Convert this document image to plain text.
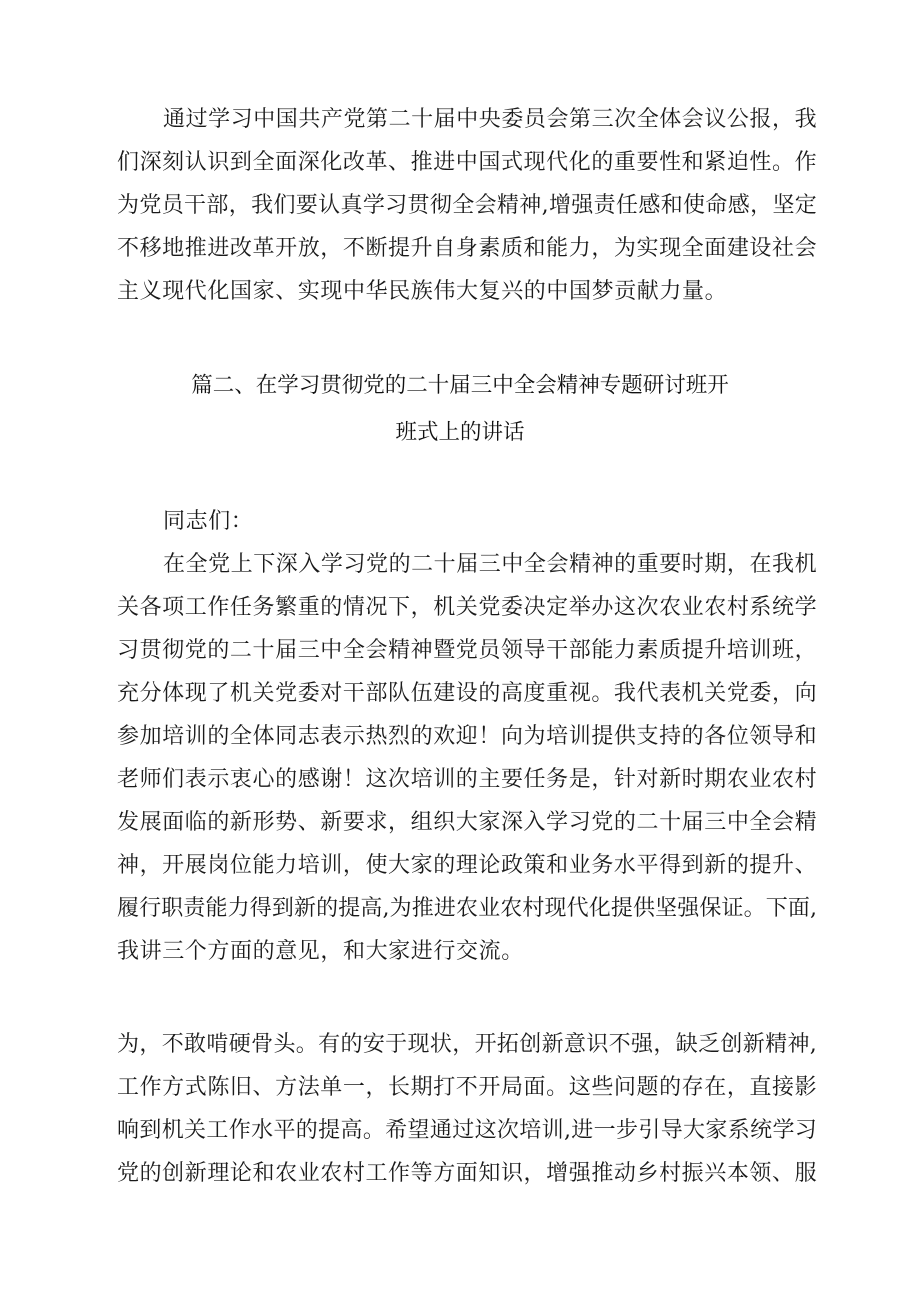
通过学习中国共产党第二十届中央委员会第三次全体会议公报，我
们深刻认识到全面深化改革、推进中国式现代化的重要性和紧迫性。作
为党员干部，我们要认真学习贯彻全会精神,增强责任感和使命感，坚定
不移地推进改革开放，不断提升自身素质和能力，为实现全面建设社会
主义现代化国家、实现中华民族伟大复兴的中国梦贡献力量。
篇二、在学习贯彻党的二十届三中全会精神专题研讨班开
班式上的讲话
同志们：
在全党上下深入学习党的二十届三中全会精神的重要时期，在我机
关各项工作任务繁重的情况下，机关党委决定举办这次农业农村系统学
习贯彻党的二十届三中全会精神暨党员领导干部能力素质提升培训班，
充分体现了机关党委对干部队伍建设的高度重视。我代表机关党委，向
参加培训的全体同志表示热烈的欢迎！向为培训提供支持的各位领导和
老师们表示衷心的感谢！这次培训的主要任务是，针对新时期农业农村
发展面临的新形势、新要求，组织大家深入学习党的二十届三中全会精
神，开展岗位能力培训，使大家的理论政策和业务水平得到新的提升、
履行职责能力得到新的提高,为推进农业农村现代化提供坚强保证。下面,
我讲三个方面的意见，和大家进行交流。
为，不敢啃硬骨头。有的安于现状，开拓创新意识不强，缺乏创新精神,
工作方式陈旧、方法单一，长期打不开局面。这些问题的存在，直接影
响到机关工作水平的提高。希望通过这次培训,进一步引导大家系统学习
党的创新理论和农业农村工作等方面知识，增强推动乡村振兴本领、服
